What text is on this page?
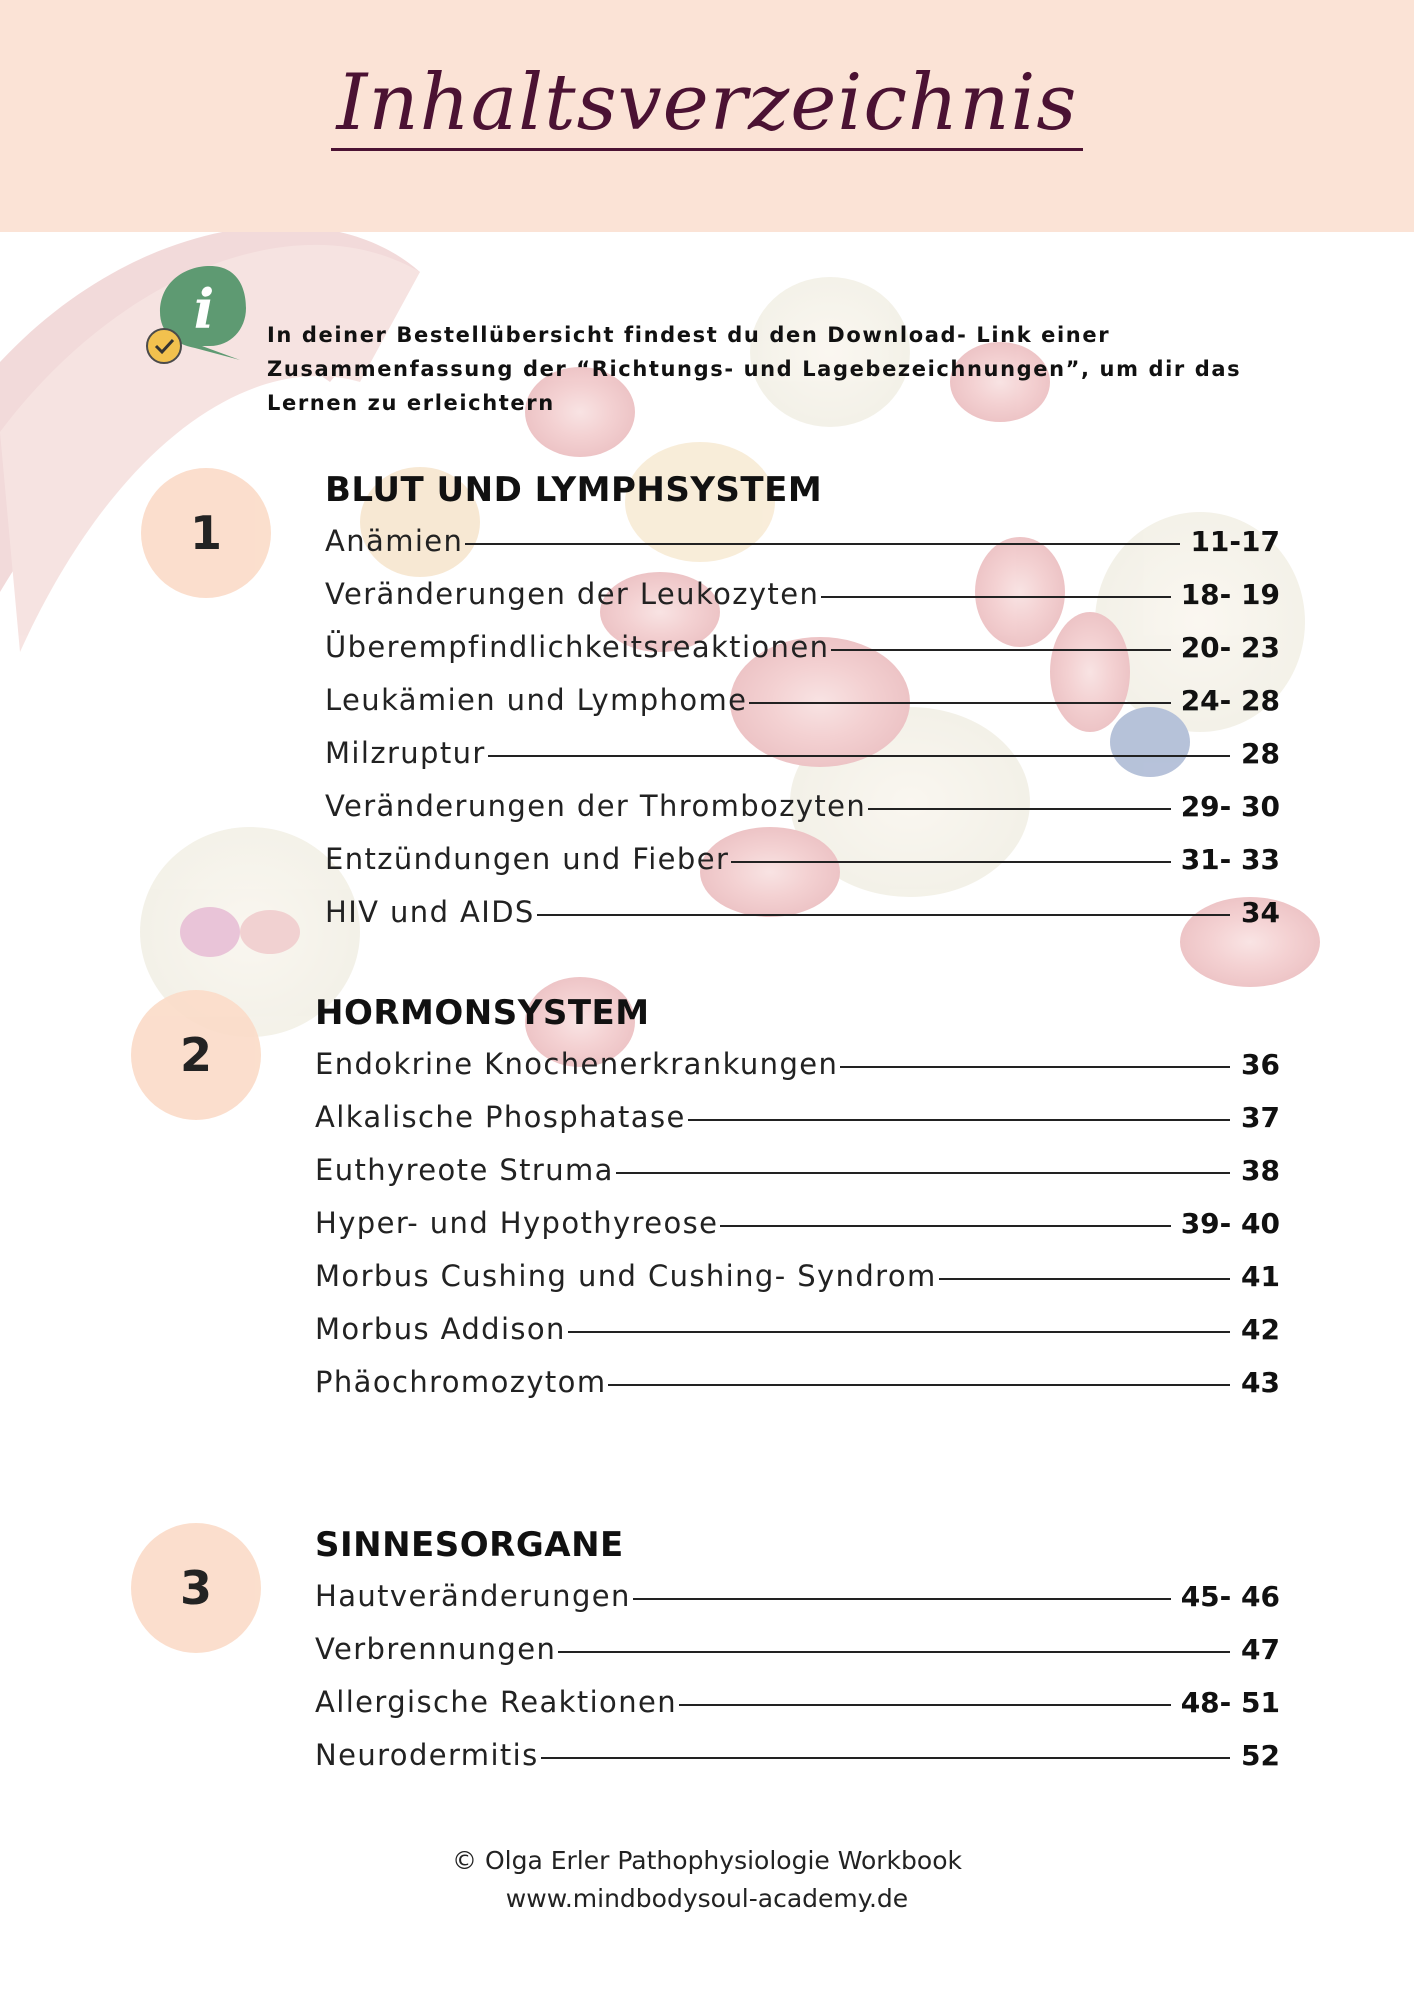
Inhaltsverzeichnis
i	In deiner Bestellübersicht findest du den Download- Link einer
Zusammenfassung der “Richtungs- und Lagebezeichnungen”, um dir das
Lernen zu erleichtern
1
BLUT UND LYMPHSYSTEM
Anämien	11-17
Veränderungen der Leukozyten	18- 19
Überempfindlichkeitsreaktionen	20- 23
Leukämien und Lymphome	24- 28
Milzruptur	28
Veränderungen der Thrombozyten	29- 30
Entzündungen und Fieber	31- 33
HIV und AIDS	34
2
HORMONSYSTEM
Endokrine Knochenerkrankungen	36
Alkalische Phosphatase	37
Euthyreote Struma	38
Hyper- und Hypothyreose	39- 40
Morbus Cushing und Cushing- Syndrom	41
Morbus Addison	42
Phäochromozytom	43
3
SINNESORGANE
Hautveränderungen	45- 46
Verbrennungen	47
Allergische Reaktionen	48- 51
Neurodermitis	52
© Olga Erler Pathophysiologie Workbook
www.mindbodysoul-academy.de
